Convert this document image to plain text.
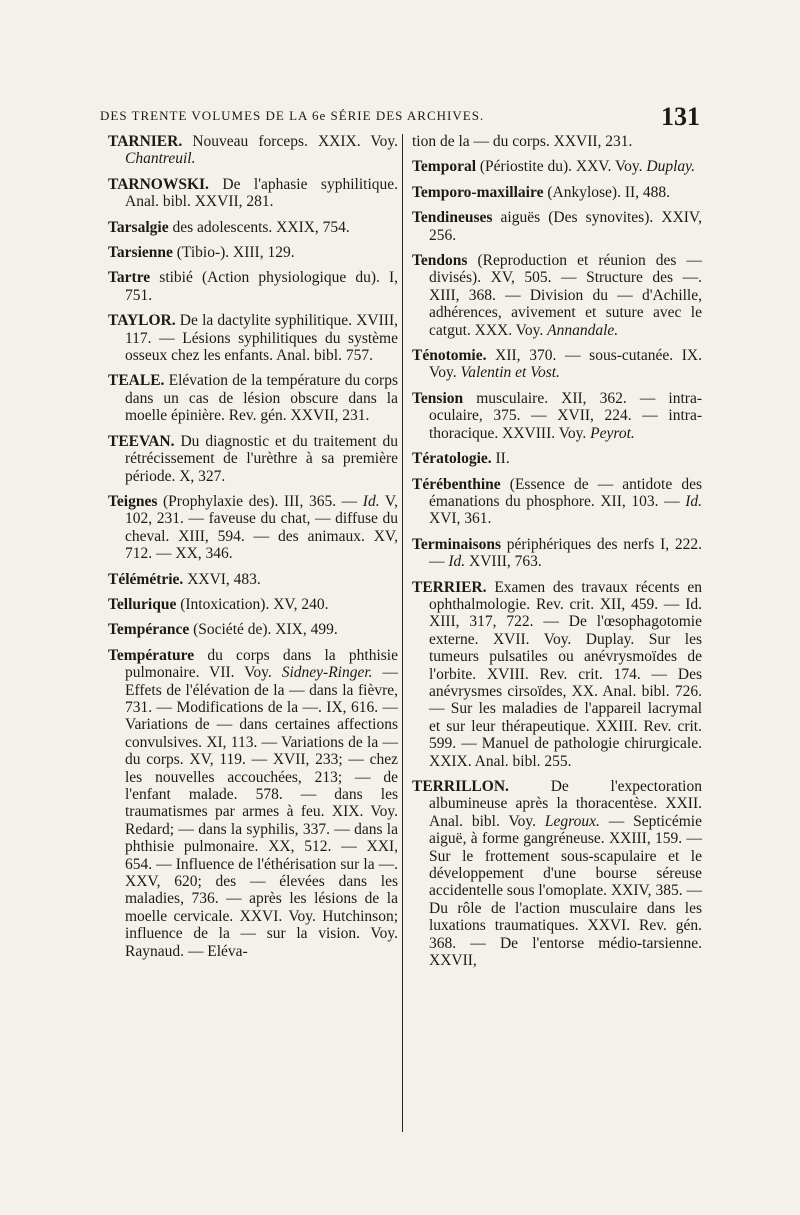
DES TRENTE VOLUMES DE LA 6e SÉRIE DES ARCHIVES.	131

TARNIER. Nouveau forceps. XXIX. Voy. Chantreuil.

TARNOWSKI. De l'aphasie syphilitique. Anal. bibl. XXVII, 281.

Tarsalgie des adolescents. XXIX, 754.

Tarsienne (Tibio-). XIII, 129.

Tartre stibié (Action physiologique du). I, 751.

TAYLOR. De la dactylite syphilitique. XVIII, 117. — Lésions syphilitiques du système osseux chez les enfants. Anal. bibl. 757.

TEALE. Elévation de la température du corps dans un cas de lésion obscure dans la moelle épinière. Rev. gén. XXVII, 231.

TEEVAN. Du diagnostic et du traitement du rétrécissement de l'urèthre à sa première période. X, 327.

Teignes (Prophylaxie des). III, 365. — Id. V, 102, 231. — faveuse du chat, — diffuse du cheval. XIII, 594. — des animaux. XV, 712. — XX, 346.

Télémétrie. XXVI, 483.

Tellurique (Intoxication). XV, 240.

Tempérance (Société de). XIX, 499.

Température du corps dans la phthisie pulmonaire. VII. Voy. Sidney-Ringer. — Effets de l'élévation de la — dans la fièvre, 731. — Modifications de la —. IX, 616. — Variations de — dans certaines affections convulsives. XI, 113. — Variations de la — du corps. XV, 119. — XVII, 233; — chez les nouvelles accouchées, 213; — de l'enfant malade. 578. — dans les traumatismes par armes à feu. XIX. Voy. Redard; — dans la syphilis, 337. — dans la phthisie pulmonaire. XX, 512. — XXI, 654. — Influence de l'éthérisation sur la —. XXV, 620; des — élevées dans les maladies, 736. — après les lésions de la moelle cervicale. XXVI. Voy. Hutchinson; influence de la — sur la vision. Voy. Raynaud. — Eléva-

tion de la — du corps. XXVII, 231.

Temporal (Périostite du). XXV. Voy. Duplay.

Temporo-maxillaire (Ankylose). II, 488.

Tendineuses aiguës (Des synovites). XXIV, 256.

Tendons (Reproduction et réunion des — divisés). XV, 505. — Structure des —. XIII, 368. — Division du — d'Achille, adhérences, avivement et suture avec le catgut. XXX. Voy. Annandale.

Ténotomie. XII, 370. — sous-cutanée. IX. Voy. Valentin et Vost.

Tension musculaire. XII, 362. — intra-oculaire, 375. — XVII, 224. — intra-thoracique. XXVIII. Voy. Peyrot.

Tératologie. II.

Térébenthine (Essence de — antidote des émanations du phosphore. XII, 103. — Id. XVI, 361.

Terminaisons périphériques des nerfs I, 222. — Id. XVIII, 763.

TERRIER. Examen des travaux récents en ophthalmologie. Rev. crit. XII, 459. — Id. XIII, 317, 722. — De l'œsophagotomie externe. XVII. Voy. Duplay. Sur les tumeurs pulsatiles ou anévrysmoïdes de l'orbite. XVIII. Rev. crit. 174. — Des anévrysmes cirsoïdes, XX. Anal. bibl. 726. — Sur les maladies de l'appareil lacrymal et sur leur thérapeutique. XXIII. Rev. crit. 599. — Manuel de pathologie chirurgicale. XXIX. Anal. bibl. 255.

TERRILLON. De l'expectoration albumineuse après la thoracentèse. XXII. Anal. bibl. Voy. Legroux. — Septicémie aiguë, à forme gangréneuse. XXIII, 159. — Sur le frottement sous-scapulaire et le développement d'une bourse séreuse accidentelle sous l'omoplate. XXIV, 385. — Du rôle de l'action musculaire dans les luxations traumatiques. XXVI. Rev. gén. 368. — De l'entorse médio-tarsienne. XXVII,
